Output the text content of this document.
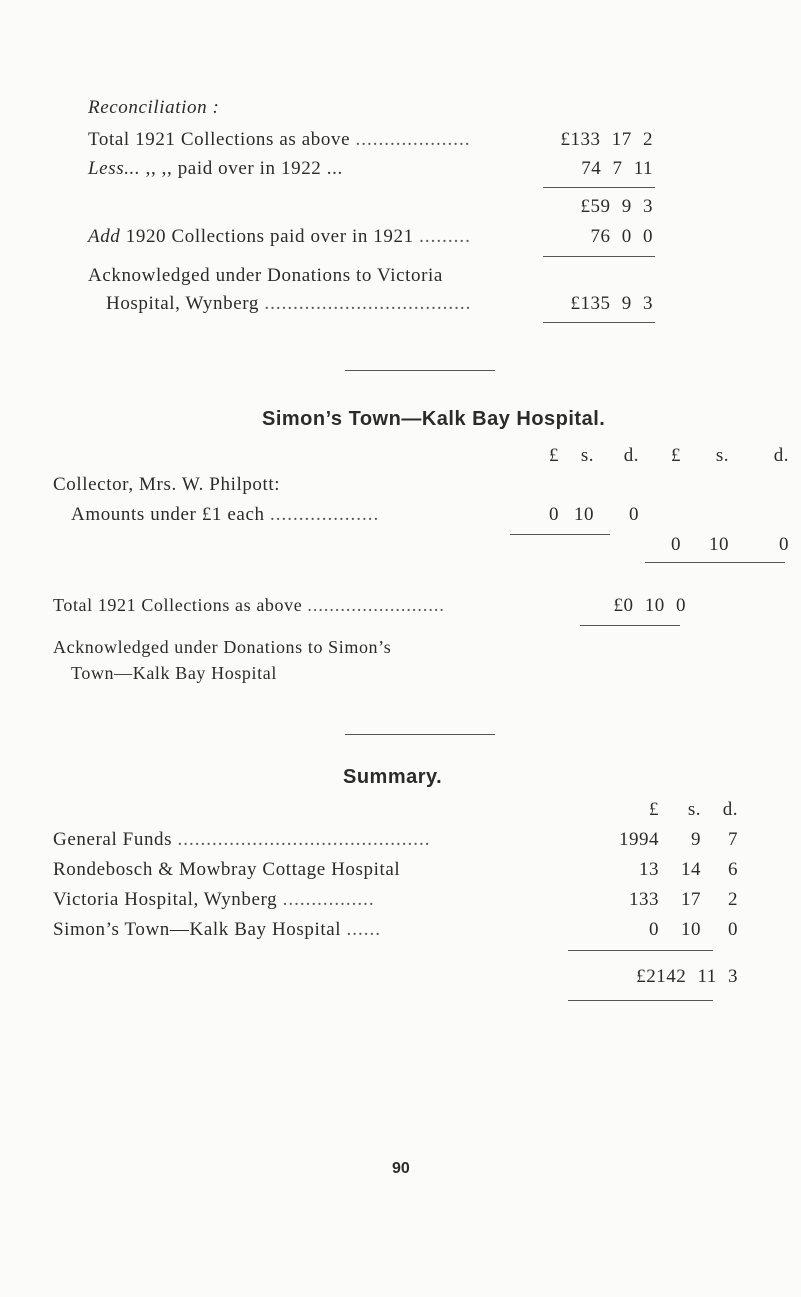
Reconciliation :
Total 1921 Collections as above ....................	£133 17 2
Less... ,, ,, paid over in 1922 ...	74 7 11
£59 9 3
Add 1920 Collections paid over in 1921 .........	76 0 0
Acknowledged under Donations to Victoria
Hospital, Wynberg ....................................	£135 9 3
Simon’s Town—Kalk Bay Hospital.
£	s.	d.	£	s.	d.
Collector, Mrs. W. Philpott:
Amounts under £1 each ...................	0 10	0
0	10	0
Total 1921 Collections as above .........................	£0 10 0
Acknowledged under Donations to Simon’s
Town—Kalk Bay Hospital
Summary.
£	s.	d.
General Funds ............................................	1994	9	7
Rondebosch & Mowbray Cottage Hospital	13	14	6
Victoria Hospital, Wynberg ................	133	17	2
Simon’s Town—Kalk Bay Hospital ......	0	10	0
£2142 11 3
90
